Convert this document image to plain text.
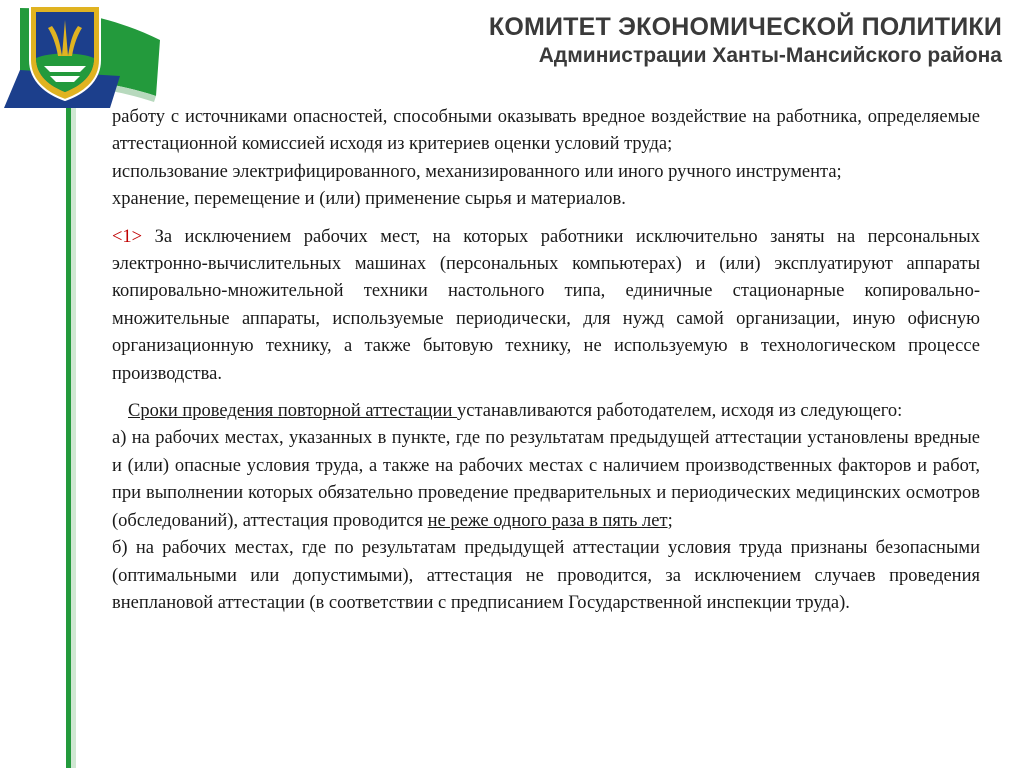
КОМИТЕТ ЭКОНОМИЧЕСКОЙ ПОЛИТИКИ
Администрации Ханты-Мансийского района

работу с источниками опасностей, способными оказывать вредное воздействие на работника, определяемые аттестационной комиссией исходя из критериев оценки условий труда;

использование электрифицированного, механизированного или иного ручного инструмента;

хранение, перемещение и (или) применение сырья и материалов.

<1> За исключением рабочих мест, на которых работники исключительно заняты на персональных электронно-вычислительных машинах (персональных компьютерах) и (или) эксплуатируют аппараты копировально-множительной техники настольного типа, единичные стационарные копировально-множительные аппараты, используемые периодически, для нужд самой организации, иную офисную организационную технику, а также бытовую технику, не используемую в технологическом процессе производства.

Сроки проведения повторной аттестации устанавливаются работодателем, исходя из следующего:

а) на рабочих местах, указанных в пункте, где по результатам предыдущей аттестации установлены вредные и (или) опасные условия труда, а также на рабочих местах с наличием производственных факторов и работ, при выполнении которых обязательно проведение предварительных и периодических медицинских осмотров (обследований), аттестация проводится не реже одного раза в пять лет;

б) на рабочих местах, где по результатам предыдущей аттестации условия труда признаны безопасными (оптимальными или допустимыми), аттестация не проводится, за исключением случаев проведения внеплановой аттестации (в соответствии с предписанием Государственной инспекции труда).
